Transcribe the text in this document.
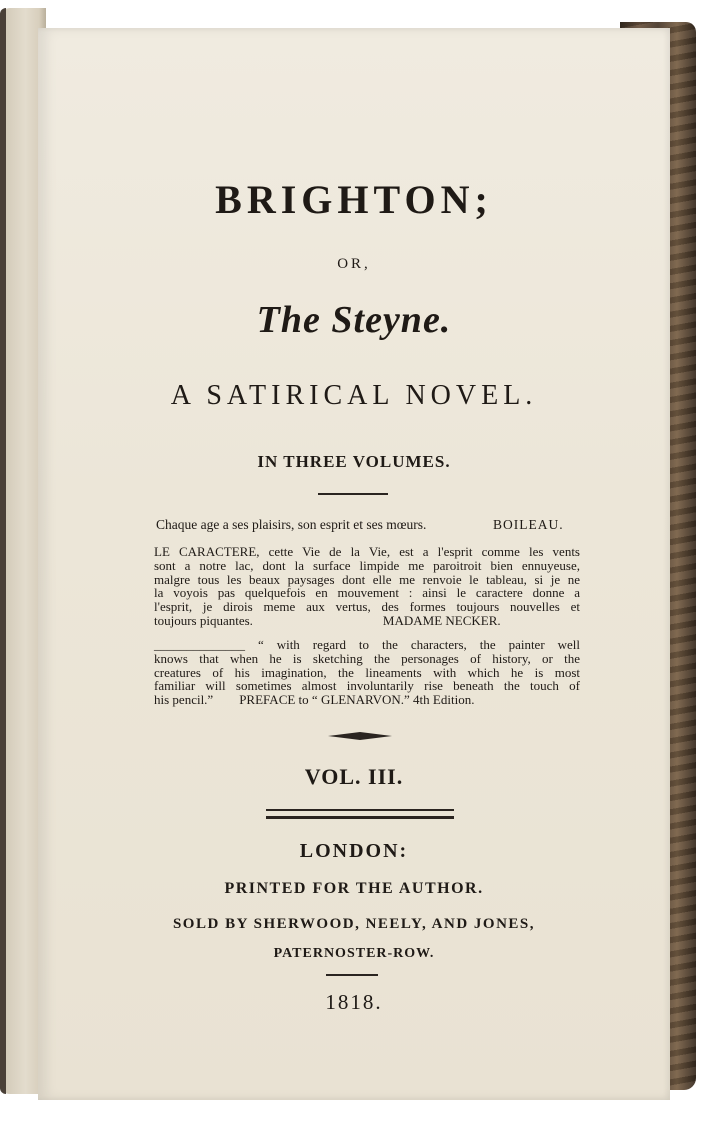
BRIGHTON;
OR,
The Steyne.
A SATIRICAL NOVEL.
IN THREE VOLUMES.
Chaque age a ses plaisirs, son esprit et ses mœurs.	BOILEAU.
LE CARACTERE, cette Vie de la Vie, est a l'esprit comme les vents
sont a notre lac, dont la surface limpide me paroitroit bien ennuyeuse,
malgre tous les beaux paysages dont elle me renvoie le tableau, si je ne
la voyois pas quelquefois en mouvement : ainsi le caractere donne a
l'esprit, je dirois meme aux vertus, des formes toujours nouvelles et
toujours piquantes.                                        MADAME NECKER.
______________ “ with regard to the characters, the painter well
knows that when he is sketching the personages of history, or the
creatures of his imagination, the lineaments with which he is most
familiar will sometimes almost involuntarily rise beneath the touch of
his pencil.”        PREFACE to “ GLENARVON.” 4th Edition.
VOL. III.
LONDON:
PRINTED FOR THE AUTHOR.
SOLD BY SHERWOOD, NEELY, AND JONES,
PATERNOSTER-ROW.
1818.
